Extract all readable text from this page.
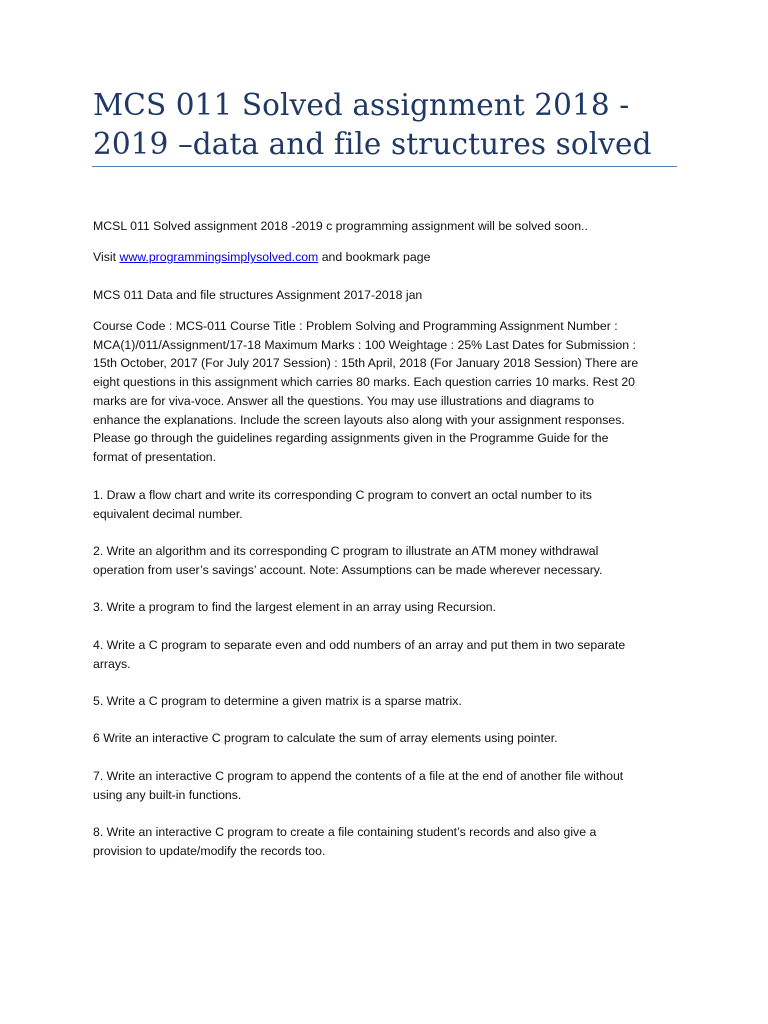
MCS 011 Solved assignment 2018 -
2019 –data and file structures solved

MCSL 011 Solved assignment 2018 -2019 c programming assignment will be solved soon..

Visit www.programmingsimplysolved.com and bookmark page

MCS 011 Data and file structures Assignment 2017-2018 jan

Course Code : MCS-011 Course Title : Problem Solving and Programming Assignment Number :
MCA(1)/011/Assignment/17-18 Maximum Marks : 100 Weightage : 25% Last Dates for Submission :
15th October, 2017 (For July 2017 Session) : 15th April, 2018 (For January 2018 Session) There are
eight questions in this assignment which carries 80 marks. Each question carries 10 marks. Rest 20
marks are for viva-voce. Answer all the questions. You may use illustrations and diagrams to
enhance the explanations. Include the screen layouts also along with your assignment responses.
Please go through the guidelines regarding assignments given in the Programme Guide for the
format of presentation.

1. Draw a flow chart and write its corresponding C program to convert an octal number to its
equivalent decimal number.

2. Write an algorithm and its corresponding C program to illustrate an ATM money withdrawal
operation from user’s savings’ account. Note: Assumptions can be made wherever necessary.

3. Write a program to find the largest element in an array using Recursion.

4. Write a C program to separate even and odd numbers of an array and put them in two separate
arrays.

5. Write a C program to determine a given matrix is a sparse matrix.

6 Write an interactive C program to calculate the sum of array elements using pointer.

7. Write an interactive C program to append the contents of a file at the end of another file without
using any built-in functions.

8. Write an interactive C program to create a file containing student’s records and also give a
provision to update/modify the records too.
